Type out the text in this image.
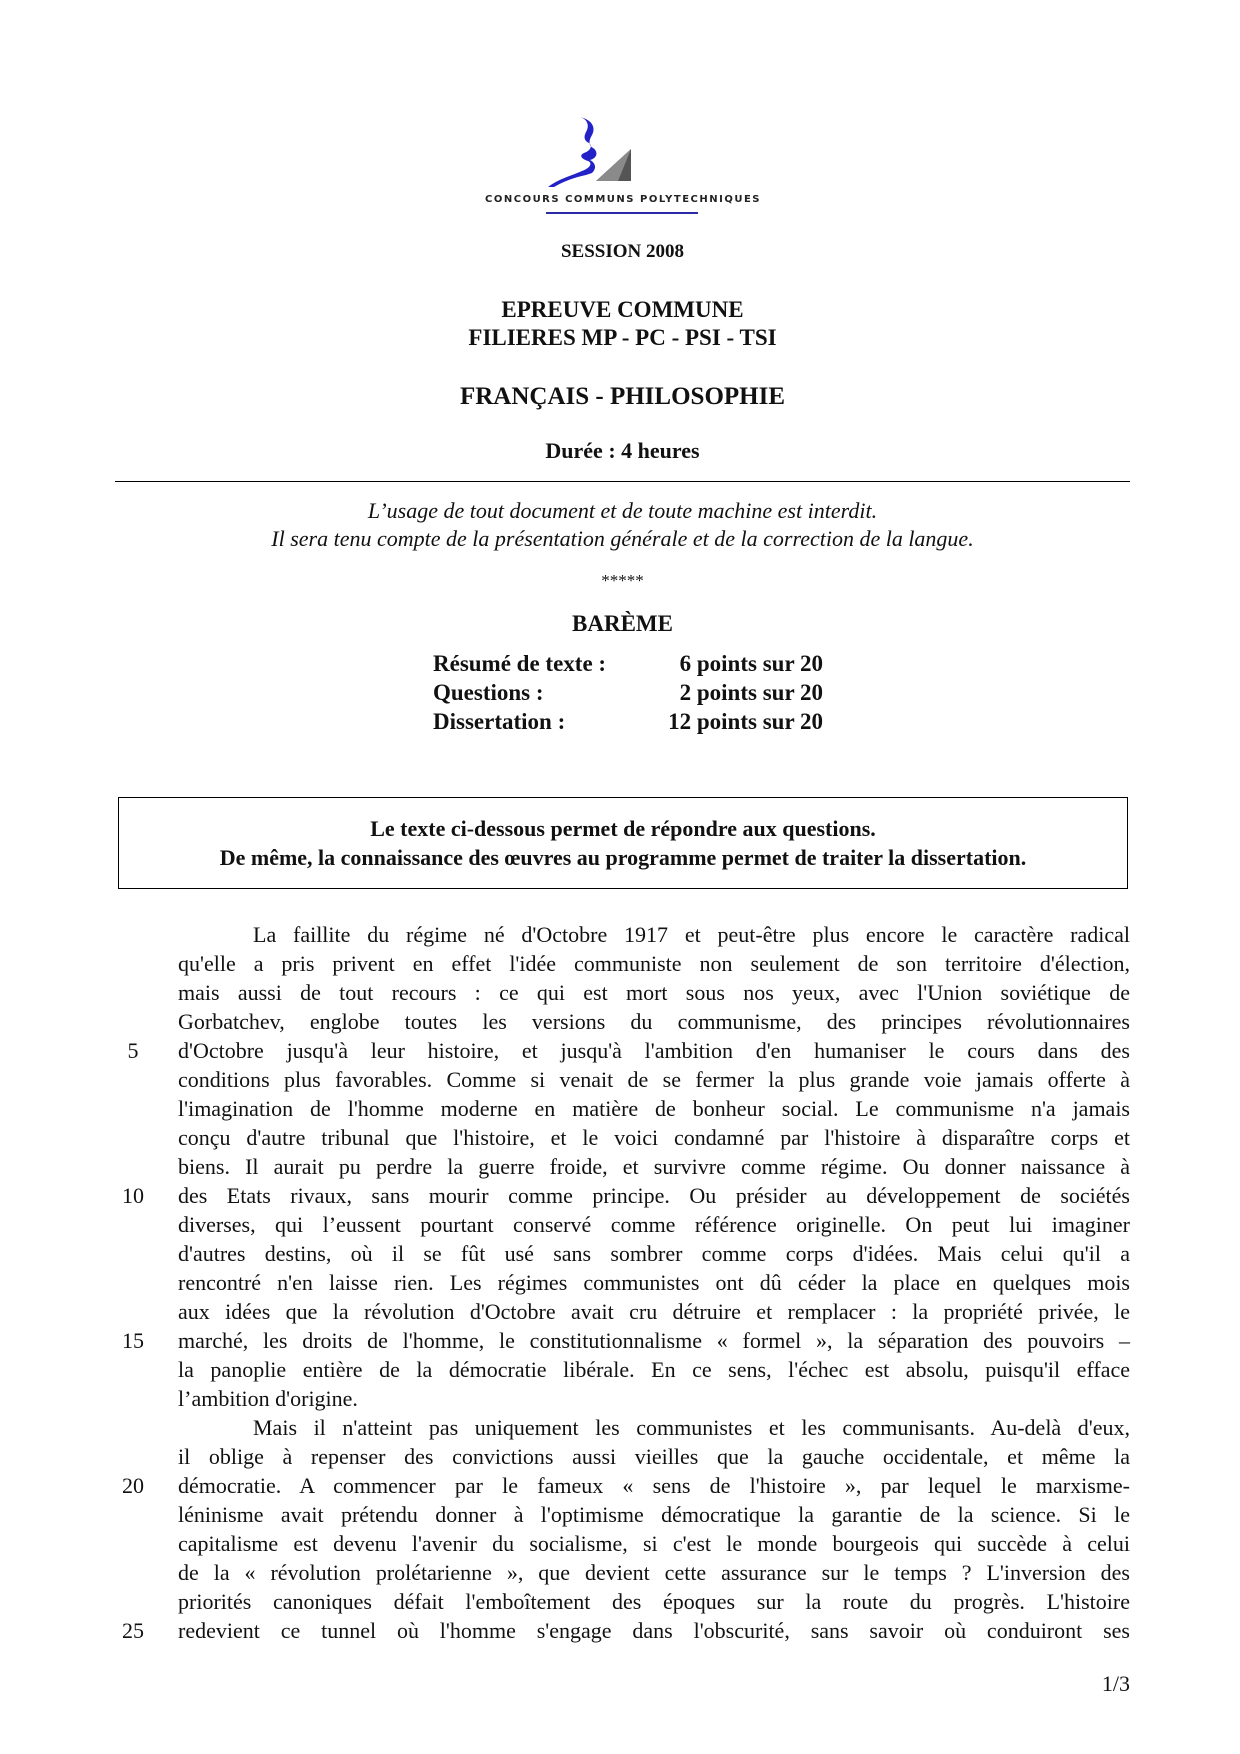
CONCOURS COMMUNS POLYTECHNIQUES
SESSION 2008
EPREUVE COMMUNE
FILIERES MP - PC - PSI - TSI
FRANÇAIS - PHILOSOPHIE
Durée : 4 heures
L’usage de tout document et de toute machine est interdit.
Il sera tenu compte de la présentation générale et de la correction de la langue.
*****
BARÈME
Résumé de texte :	6 points sur 20
Questions :	2 points sur 20
Dissertation :	12 points sur 20
Le texte ci-dessous permet de répondre aux questions.
De même, la connaissance des œuvres au programme permet de traiter la dissertation.
5
10
15
20
25
La faillite du régime né d'Octobre 1917 et peut-être plus encore le caractère radical
qu'elle a pris privent en effet l'idée communiste non seulement de son territoire d'élection,
mais aussi de tout recours : ce qui est mort sous nos yeux, avec l'Union soviétique de
Gorbatchev, englobe toutes les versions du communisme, des principes révolutionnaires
d'Octobre jusqu'à leur histoire, et jusqu'à l'ambition d'en humaniser le cours dans des
conditions plus favorables. Comme si venait de se fermer la plus grande voie jamais offerte à
l'imagination de l'homme moderne en matière de bonheur social. Le communisme n'a jamais
conçu d'autre tribunal que l'histoire, et le voici condamné par l'histoire à disparaître corps et
biens. Il aurait pu perdre la guerre froide, et survivre comme régime. Ou donner naissance à
des Etats rivaux, sans mourir comme principe. Ou présider au développement de sociétés
diverses, qui l’eussent pourtant conservé comme référence originelle. On peut lui imaginer
d'autres destins, où il se fût usé sans sombrer comme corps d'idées. Mais celui qu'il a
rencontré n'en laisse rien. Les régimes communistes ont dû céder la place en quelques mois
aux idées que la révolution d'Octobre avait cru détruire et remplacer : la propriété privée, le
marché, les droits de l'homme, le constitutionnalisme « formel », la séparation des pouvoirs –
la panoplie entière de la démocratie libérale. En ce sens, l'échec est absolu, puisqu'il efface
l’ambition d'origine.
Mais il n'atteint pas uniquement les communistes et les communisants. Au-delà d'eux,
il oblige à repenser des convictions aussi vieilles que la gauche occidentale, et même la
démocratie. A commencer par le fameux « sens de l'histoire », par lequel le marxisme-
léninisme avait prétendu donner à l'optimisme démocratique la garantie de la science. Si le
capitalisme est devenu l'avenir du socialisme, si c'est le monde bourgeois qui succède à celui
de la « révolution prolétarienne », que devient cette assurance sur le temps ? L'inversion des
priorités canoniques défait l'emboîtement des époques sur la route du progrès. L'histoire
redevient ce tunnel où l'homme s'engage dans l'obscurité, sans savoir où conduiront ses
1/3
